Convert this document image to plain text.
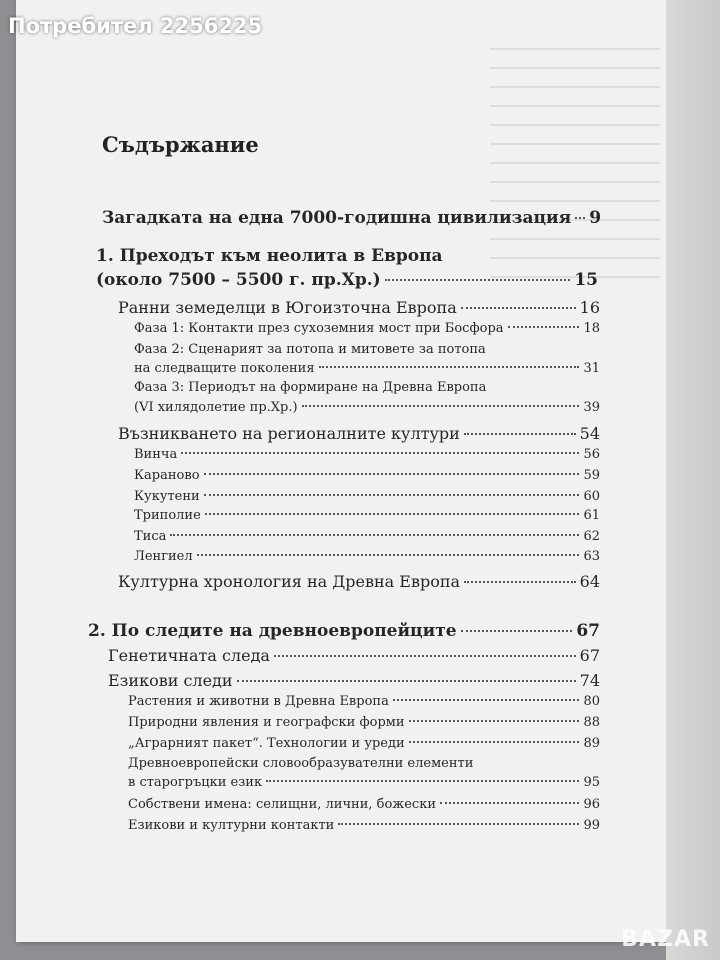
Потребител 2256225
BAZAR
Съдържание
Загадката на една 7000-годишна цивилизация 9
1. Преходът към неолита в Европа
(около 7500 – 5500 г. пр.Хр.)	15
Ранни земеделци в Югоизточна Европа	16
Фаза 1: Контакти през сухоземния мост при Босфора	18
Фаза 2: Сценарият за потопа и митовете за потопа
на следващите поколения	31
Фаза 3: Периодът на формиране на Древна Европа
(VI хилядолетие пр.Хр.)	39
Възникването на регионалните култури	54
Винча	56
Караново	59
Кукутени	60
Триполие	61
Тиса	62
Ленгиел	63
Културна хронология на Древна Европа	64
2. По следите на древноевропейците	67
Генетичната следа	67
Езикови следи	74
Растения и животни в Древна Европа	80
Природни явления и географски форми	88
„Аграрният пакет“. Технологии и уреди	89
Древноевропейски словообразувателни елементи
в старогръцки език	95
Собствени имена: селищни, лични, божески	96
Езикови и културни контакти	99
